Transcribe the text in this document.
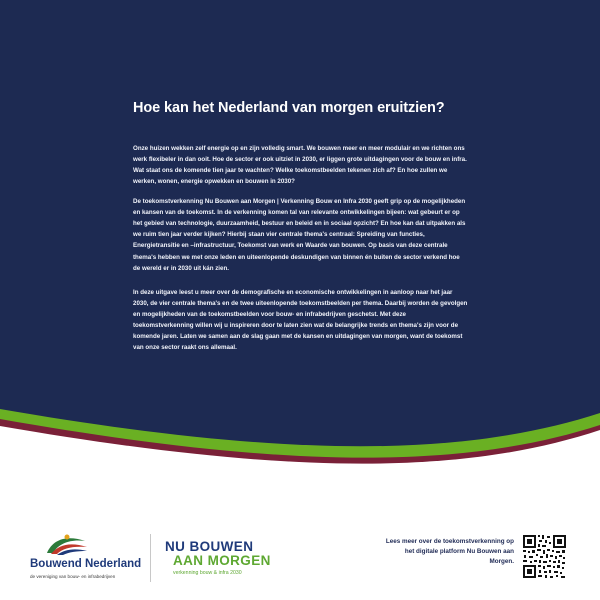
Hoe kan het Nederland van morgen eruitzien?

Onze huizen wekken zelf energie op en zijn volledig smart. We bouwen meer en meer modulair en we richten ons werk flexibeler in dan ooit. Hoe de sector er ook uitziet in 2030, er liggen grote uitdagingen voor de bouw en infra. Wat staat ons de komende tien jaar te wachten? Welke toekomstbeelden tekenen zich af? En hoe zullen we werken, wonen, energie opwekken en bouwen in 2030?

De toekomstverkenning Nu Bouwen aan Morgen | Verkenning Bouw en Infra 2030 geeft grip op de mogelijkheden en kansen van de toekomst. In de verkenning komen tal van relevante ontwikkelingen bijeen: wat gebeurt er op het gebied van technologie, duurzaamheid, bestuur en beleid en in sociaal opzicht? En hoe kan dat uitpakken als we ruim tien jaar verder kijken? Hierbij staan vier centrale thema's centraal: Spreiding van functies, Energietransitie en –infrastructuur, Toekomst van werk en Waarde van bouwen. Op basis van deze centrale thema's hebben we met onze leden en uiteenlopende deskundigen van binnen én buiten de sector verkend hoe de wereld er in 2030 uit kán zien.

In deze uitgave leest u meer over de demografische en economische ontwikkelingen in aanloop naar het jaar 2030, de vier centrale thema's en de twee uiteenlopende toekomstbeelden per thema. Daarbij worden de gevolgen en mogelijkheden van de toekomstbeelden voor bouw- en infrabedrijven geschetst. Met deze toekomstverkenning willen wij u inspireren door te laten zien wat de belangrijke trends en thema's zijn voor de komende jaren. Laten we samen aan de slag gaan met de kansen en uitdagingen van morgen, want de toekomst van onze sector raakt ons allemaal.

Bouwend Nederland
de vereniging van bouw- en infrabedrijven
NU BOUWEN
AAN MORGEN
verkenning bouw & infra 2030
Lees meer over de toekomstverkenning op het digitale platform Nu Bouwen aan Morgen.
